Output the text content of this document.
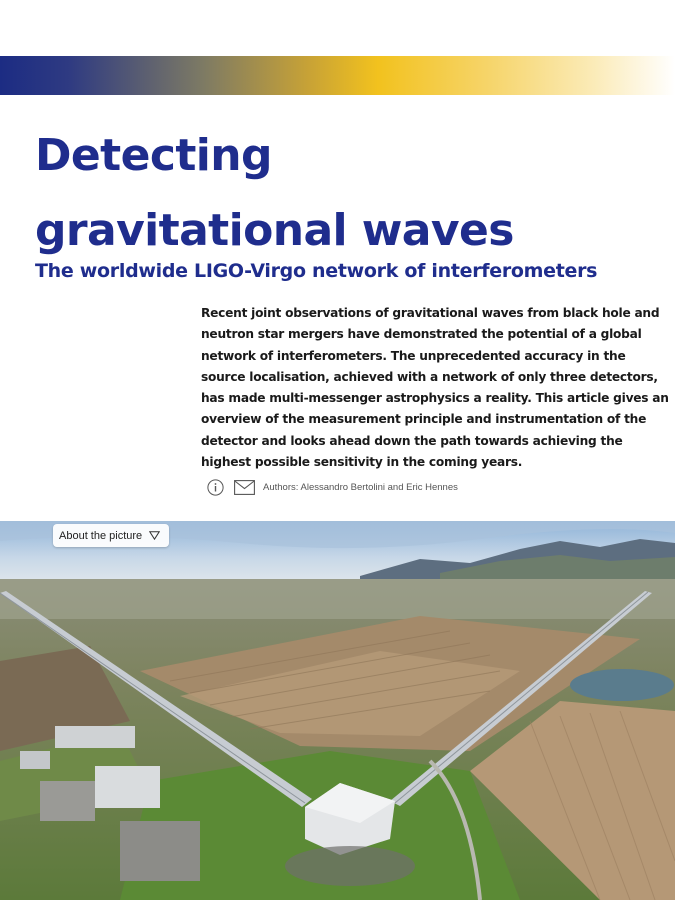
Detecting
gravitational waves
The worldwide LIGO-Virgo network of interferometers

Recent joint observations of gravitational waves from black hole and neutron star mergers have demonstrated the potential of a global network of interferometers. The unprecedented accuracy in the source localisation, achieved with a network of only three detectors, has made multi-messenger astrophysics a reality. This article gives an overview of the measurement principle and instrumentation of the detector and looks ahead down the path towards achieving the highest possible sensitivity in the coming years.

Authors: Alessandro Bertolini and Eric Hennes
About the picture
